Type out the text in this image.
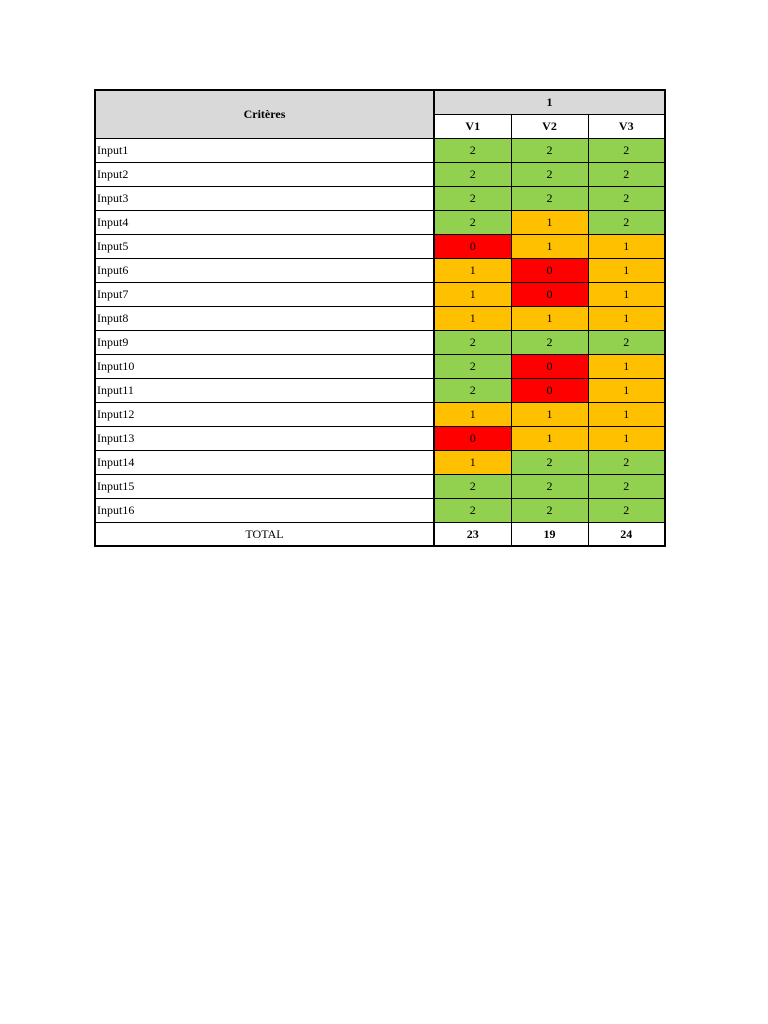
Critères	1		
	V1	V2	V3
Input1	2	2	2
Input2	2	2	2
Input3	2	2	2
Input4	2	1	2
Input5	0	1	1
Input6	1	0	1
Input7	1	0	1
Input8	1	1	1
Input9	2	2	2
Input10	2	0	1
Input11	2	0	1
Input12	1	1	1
Input13	0	1	1
Input14	1	2	2
Input15	2	2	2
Input16	2	2	2
TOTAL	23	19	24
